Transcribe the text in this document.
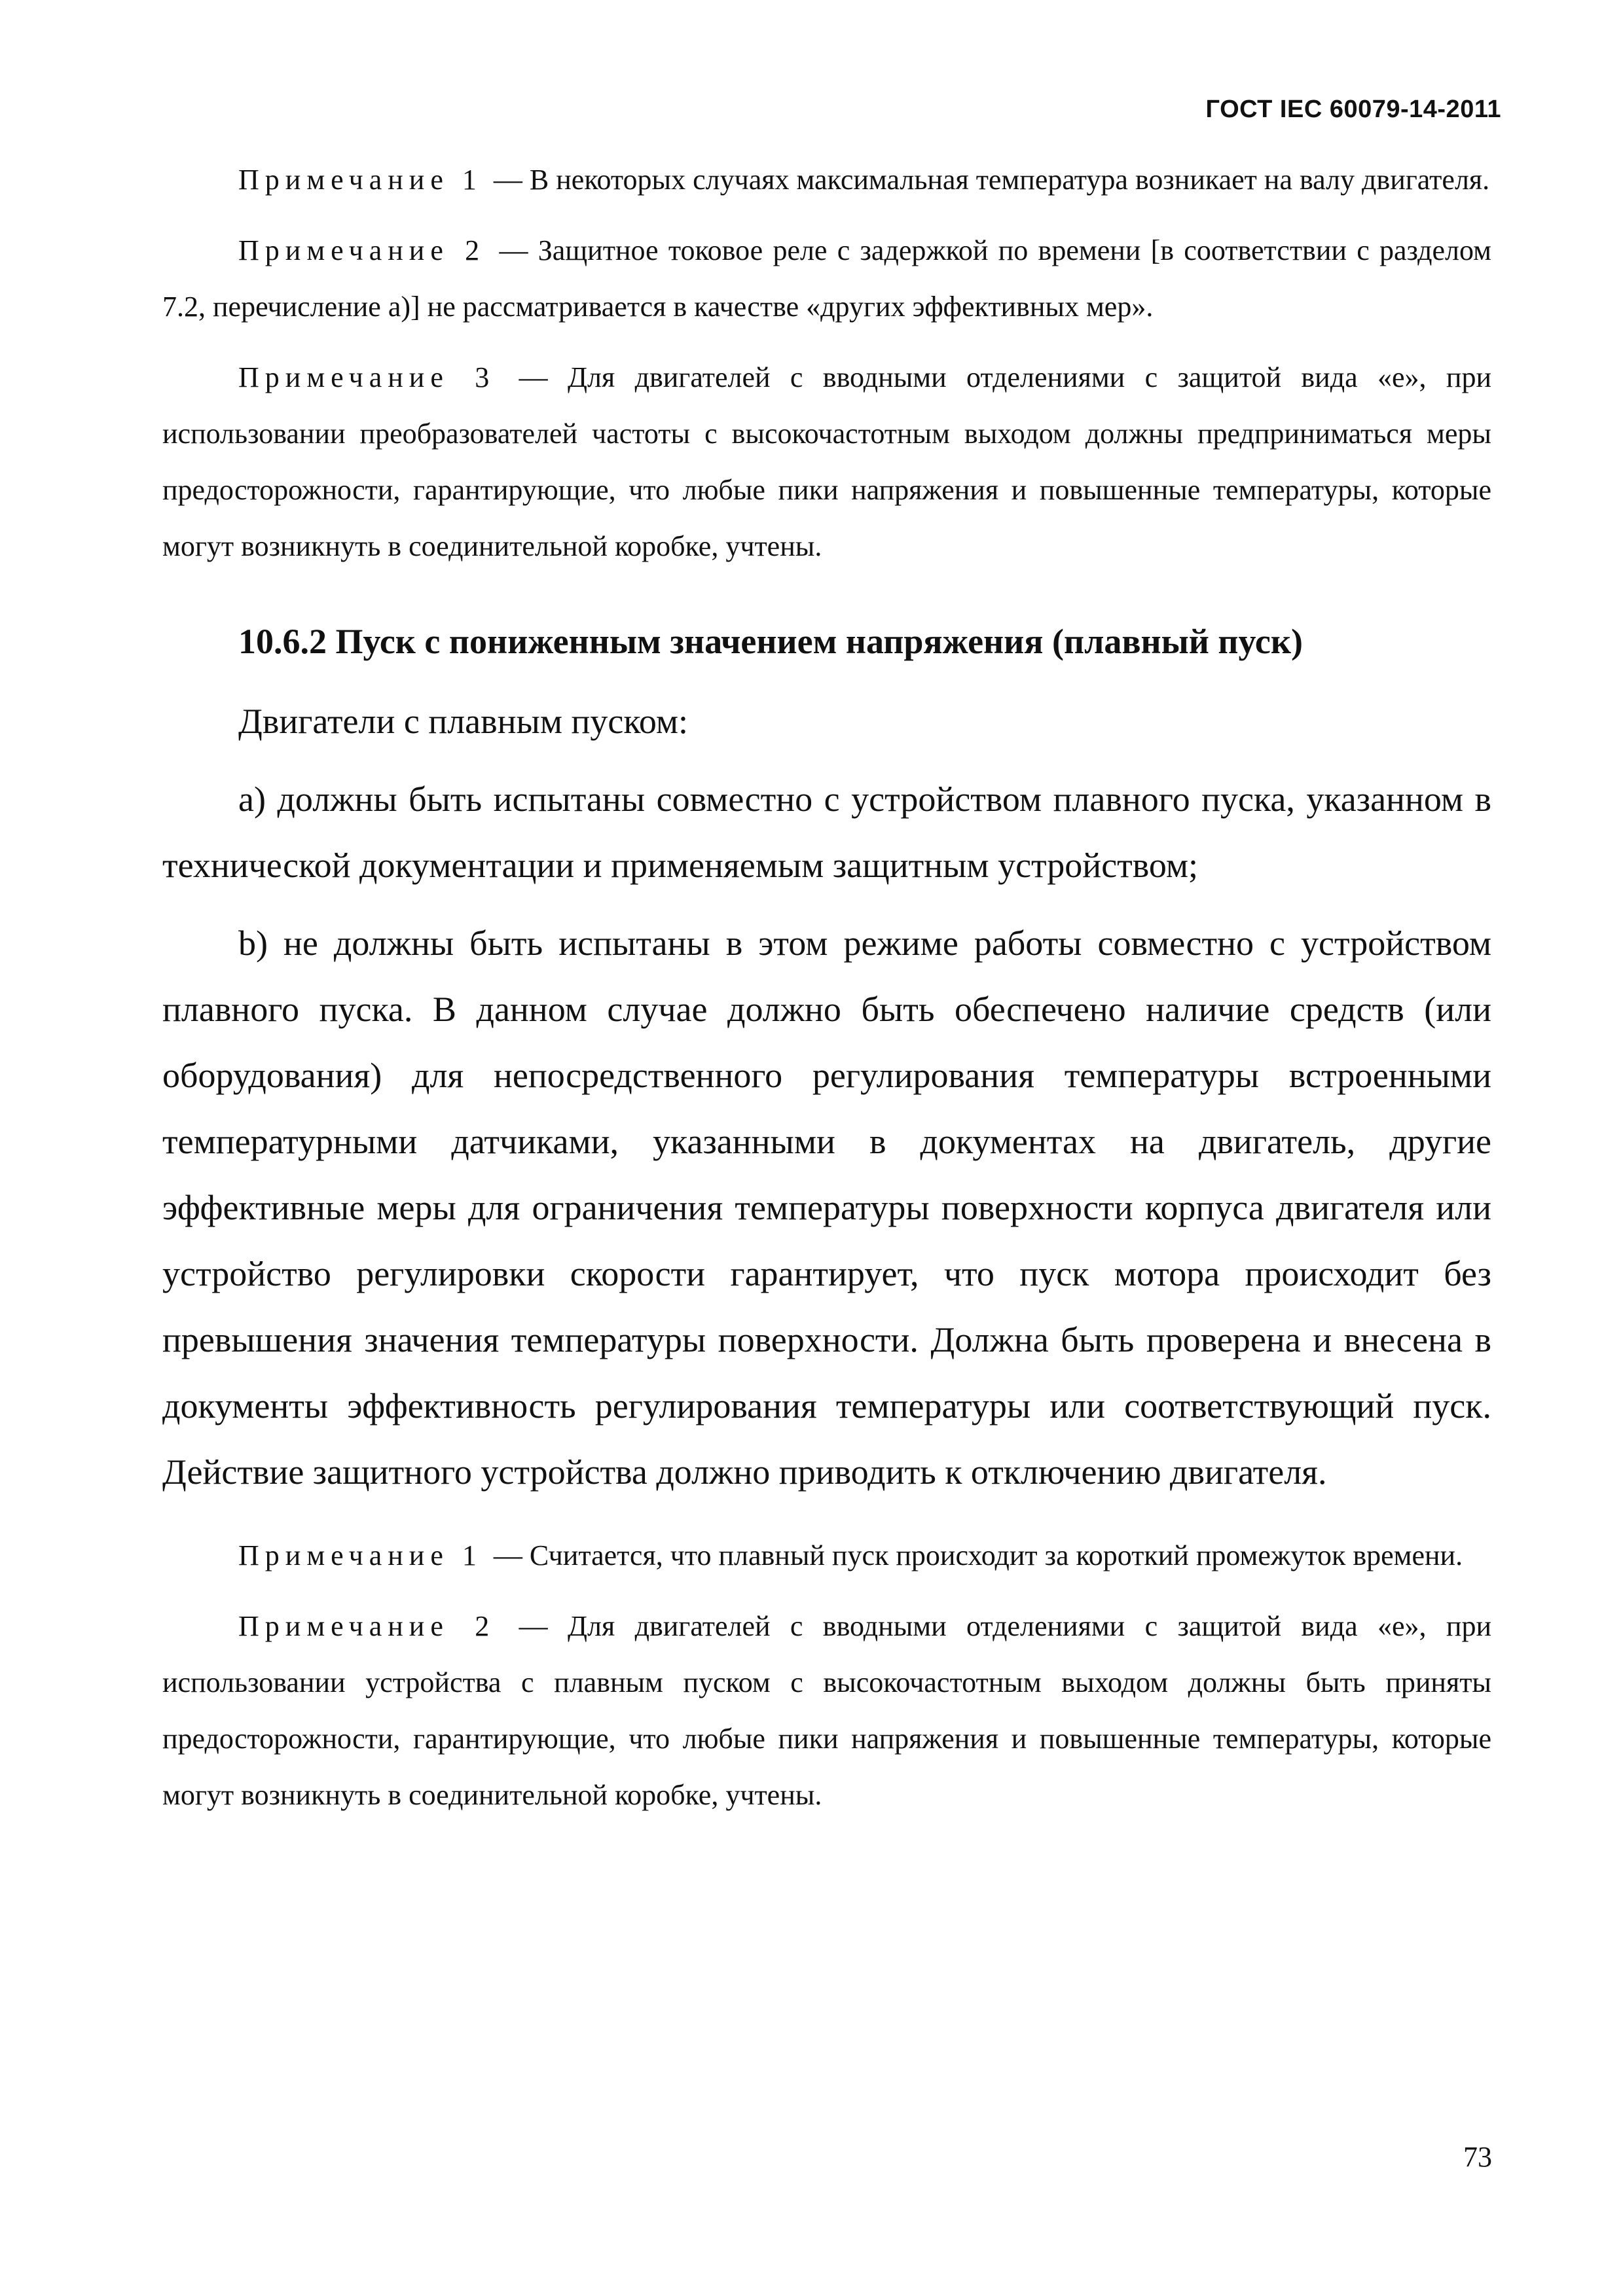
ГОСТ IEC 60079-14-2011

Примечание 1 — В некоторых случаях максимальная температура возникает на валу двигателя.

Примечание 2 — Защитное токовое реле с задержкой по времени [в соответствии с разделом 7.2, перечисление а)] не рассматривается в качестве «других эффективных мер».

Примечание 3 — Для двигателей с вводными отделениями с защитой вида «е», при использовании преобразователей частоты с высокочастотным выходом должны предприниматься меры предосторожности, гарантирующие, что любые пики напряжения и повышенные температуры, которые могут возникнуть в соединительной коробке, учтены.

10.6.2 Пуск с пониженным значением напряжения (плавный пуск)

Двигатели с плавным пуском:

а) должны быть испытаны совместно с устройством плавного пуска, указанном в технической документации и применяемым защитным устройством;

b) не должны быть испытаны в этом режиме работы совместно с устройством плавного пуска. В данном случае должно быть обеспечено наличие средств (или оборудования) для непосредственного регулирования температуры встроенными температурными датчиками, указанными в документах на двигатель, другие эффективные меры для ограничения температуры поверхности корпуса двигателя или устройство регулировки скорости гарантирует, что пуск мотора происходит без превышения значения температуры поверхности. Должна быть проверена и внесена в документы эффективность регулирования температуры или соответствующий пуск. Действие защитного устройства должно приводить к отключению двигателя.

Примечание 1 — Считается, что плавный пуск происходит за короткий промежуток времени.

Примечание 2 — Для двигателей с вводными отделениями с защитой вида «е», при использовании устройства с плавным пуском с высокочастотным выходом должны быть приняты предосторожности, гарантирующие, что любые пики напряжения и повышенные температуры, которые могут возникнуть в соединительной коробке, учтены.

73
